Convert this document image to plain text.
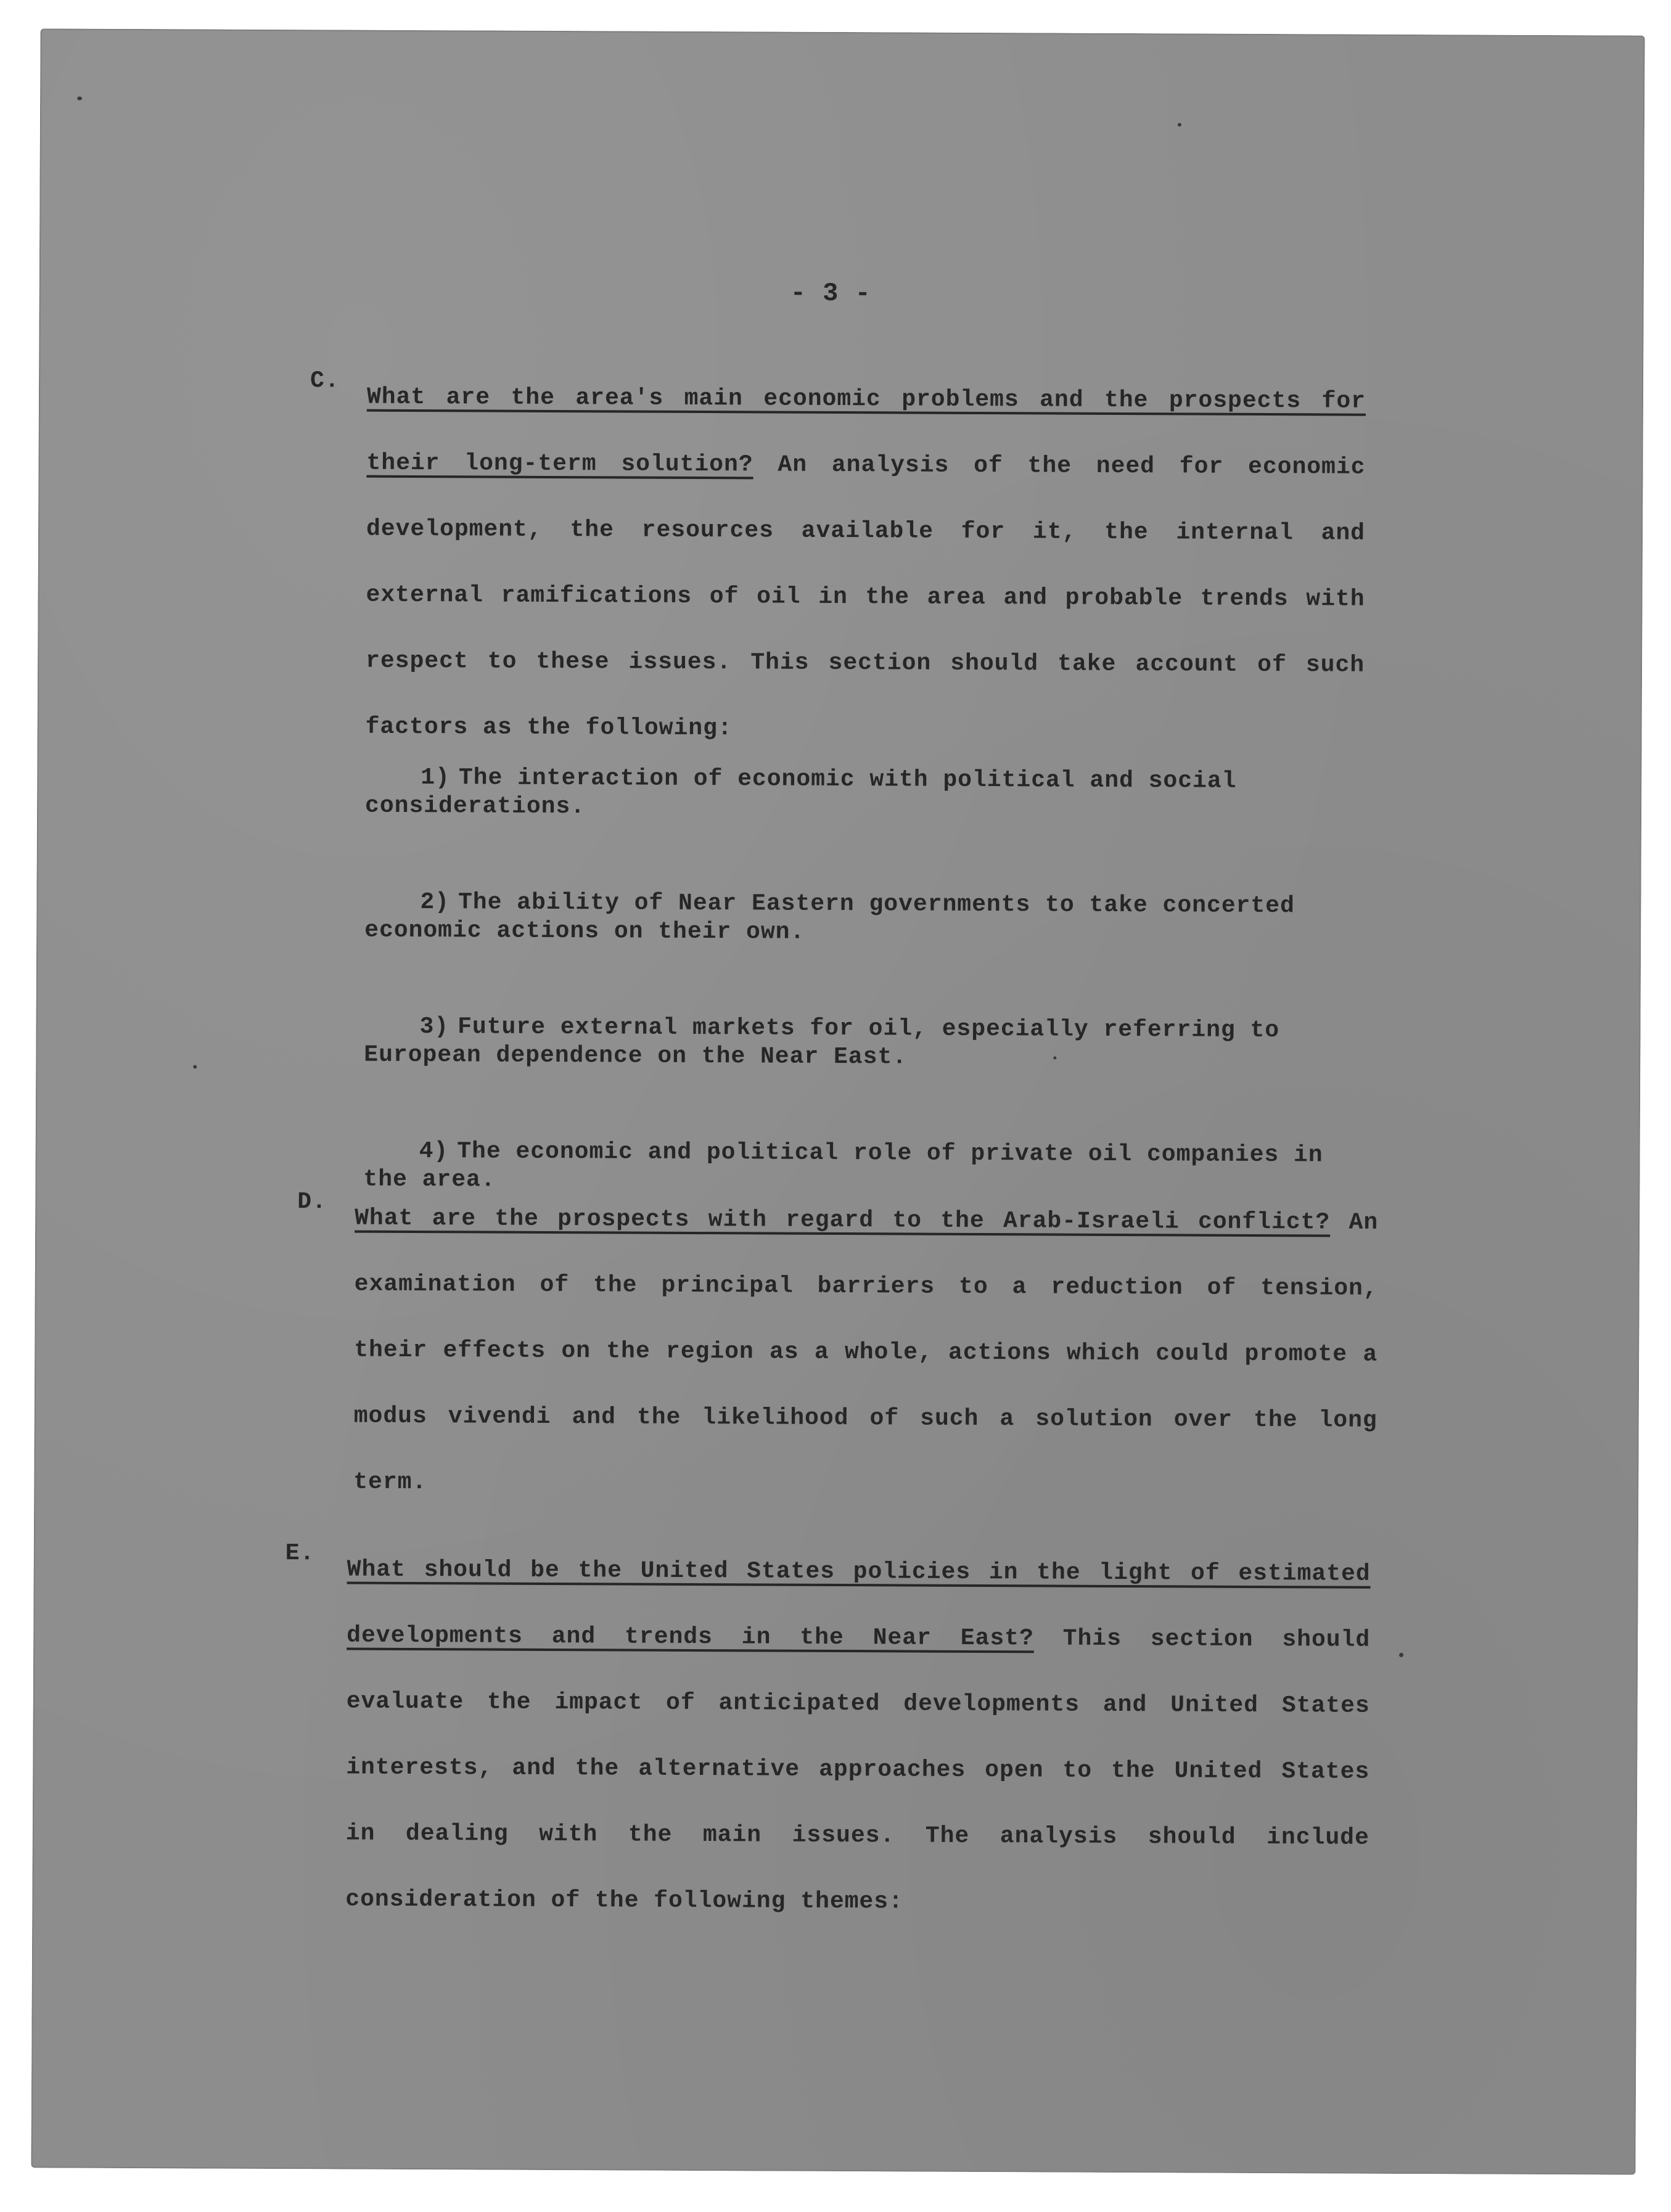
- 3 -
C.
What are the area's main economic problems and the prospects for their long-term solution? An analysis of the need for economic development, the resources available for it, the internal and external ramifications of oil in the area and probable trends with respect to these issues. This section should take account of such factors as the following:
1) The interaction of economic with political and social considerations.
2) The ability of Near Eastern governments to take concerted economic actions on their own.
3) Future external markets for oil, especially referring to European dependence on the Near East.
4) The economic and political role of private oil companies in the area.
D.
What are the prospects with regard to the Arab-Israeli conflict? An examination of the principal barriers to a reduction of tension, their effects on the region as a whole, actions which could promote a modus vivendi and the likelihood of such a solution over the long term.
E.
What should be the United States policies in the light of estimated developments and trends in the Near East? This section should evaluate the impact of anticipated developments and United States interests, and the alternative approaches open to the United States in dealing with the main issues. The analysis should include consideration of the following themes:
